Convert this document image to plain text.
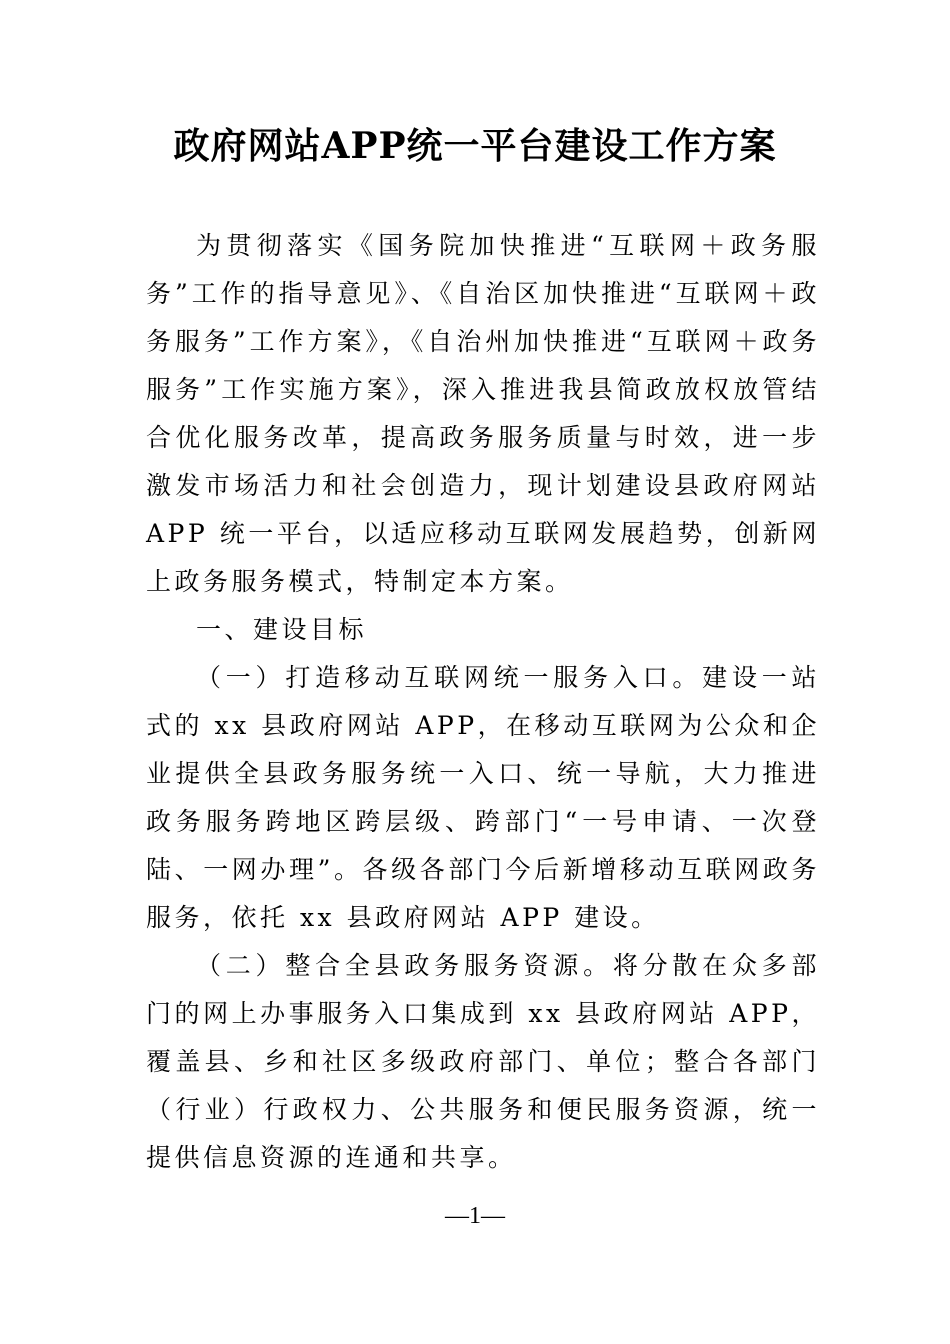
政府网站APP统一平台建设工作方案

为贯彻落实《国务院加快推进“互联网＋政务服务”工作的指导意见》、《自治区加快推进“互联网＋政务服务”工作方案》，《自治州加快推进“互联网＋政务服务”工作实施方案》，深入推进我县简政放权放管结合优化服务改革，提高政务服务质量与时效，进一步激发市场活力和社会创造力，现计划建设县政府网站 APP 统一平台，以适应移动互联网发展趋势，创新网上政务服务模式，特制定本方案。

一、建设目标

（一）打造移动互联网统一服务入口。建设一站式的 xx 县政府网站 APP，在移动互联网为公众和企业提供全县政务服务统一入口、统一导航，大力推进政务服务跨地区跨层级、跨部门“一号申请、一次登陆、一网办理”。各级各部门今后新增移动互联网政务服务，依托 xx 县政府网站 APP 建设。

（二）整合全县政务服务资源。将分散在众多部门的网上办事服务入口集成到 xx 县政府网站 APP，覆盖县、乡和社区多级政府部门、单位；整合各部门（行业）行政权力、公共服务和便民服务资源，统一提供信息资源的连通和共享。

—1—
